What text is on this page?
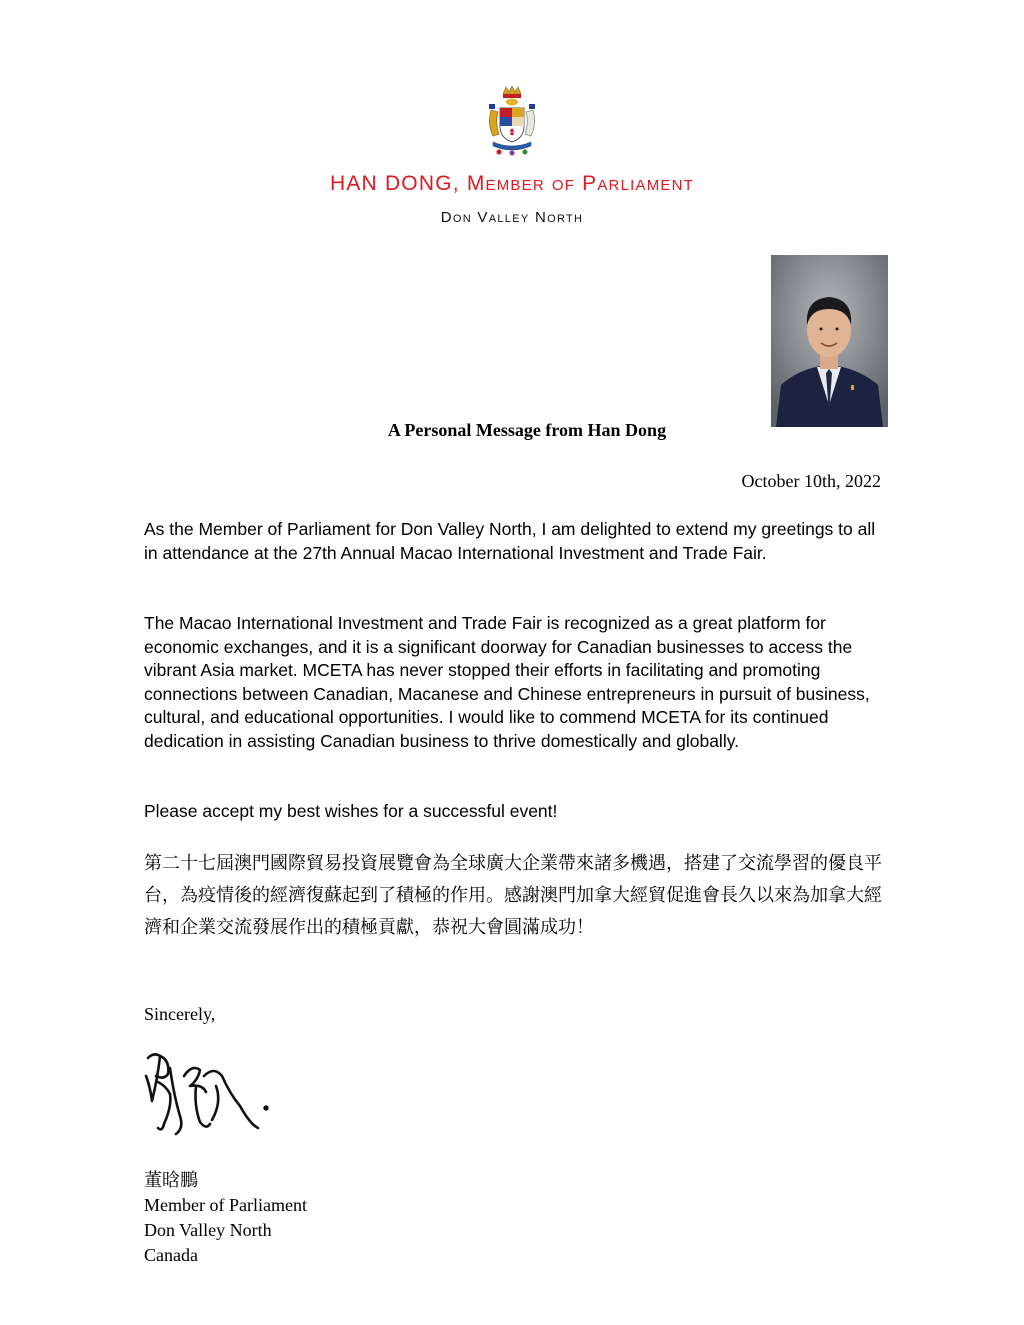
HAN DONG, Member of Parliament
Don Valley North
A Personal Message from Han Dong
October 10th, 2022
As the Member of Parliament for Don Valley North, I am delighted to extend my greetings to all in attendance at the 27th Annual Macao International Investment and Trade Fair.
The Macao International Investment and Trade Fair is recognized as a great platform for economic exchanges, and it is a significant doorway for Canadian businesses to access the vibrant Asia market. MCETA has never stopped their efforts in facilitating and promoting connections between Canadian, Macanese and Chinese entrepreneurs in pursuit of business, cultural, and educational opportunities. I would like to commend MCETA for its continued dedication in assisting Canadian business to thrive domestically and globally.
Please accept my best wishes for a successful event!
第二十七屆澳門國際貿易投資展覽會為全球廣大企業帶來諸多機遇，搭建了交流學習的優良平台，為疫情後的經濟復蘇起到了積極的作用。感謝澳門加拿大經貿促進會長久以來為加拿大經濟和企業交流發展作出的積極貢獻，恭祝大會圓滿成功！
Sincerely,
董晗鵬
Member of Parliament
Don Valley North
Canada
